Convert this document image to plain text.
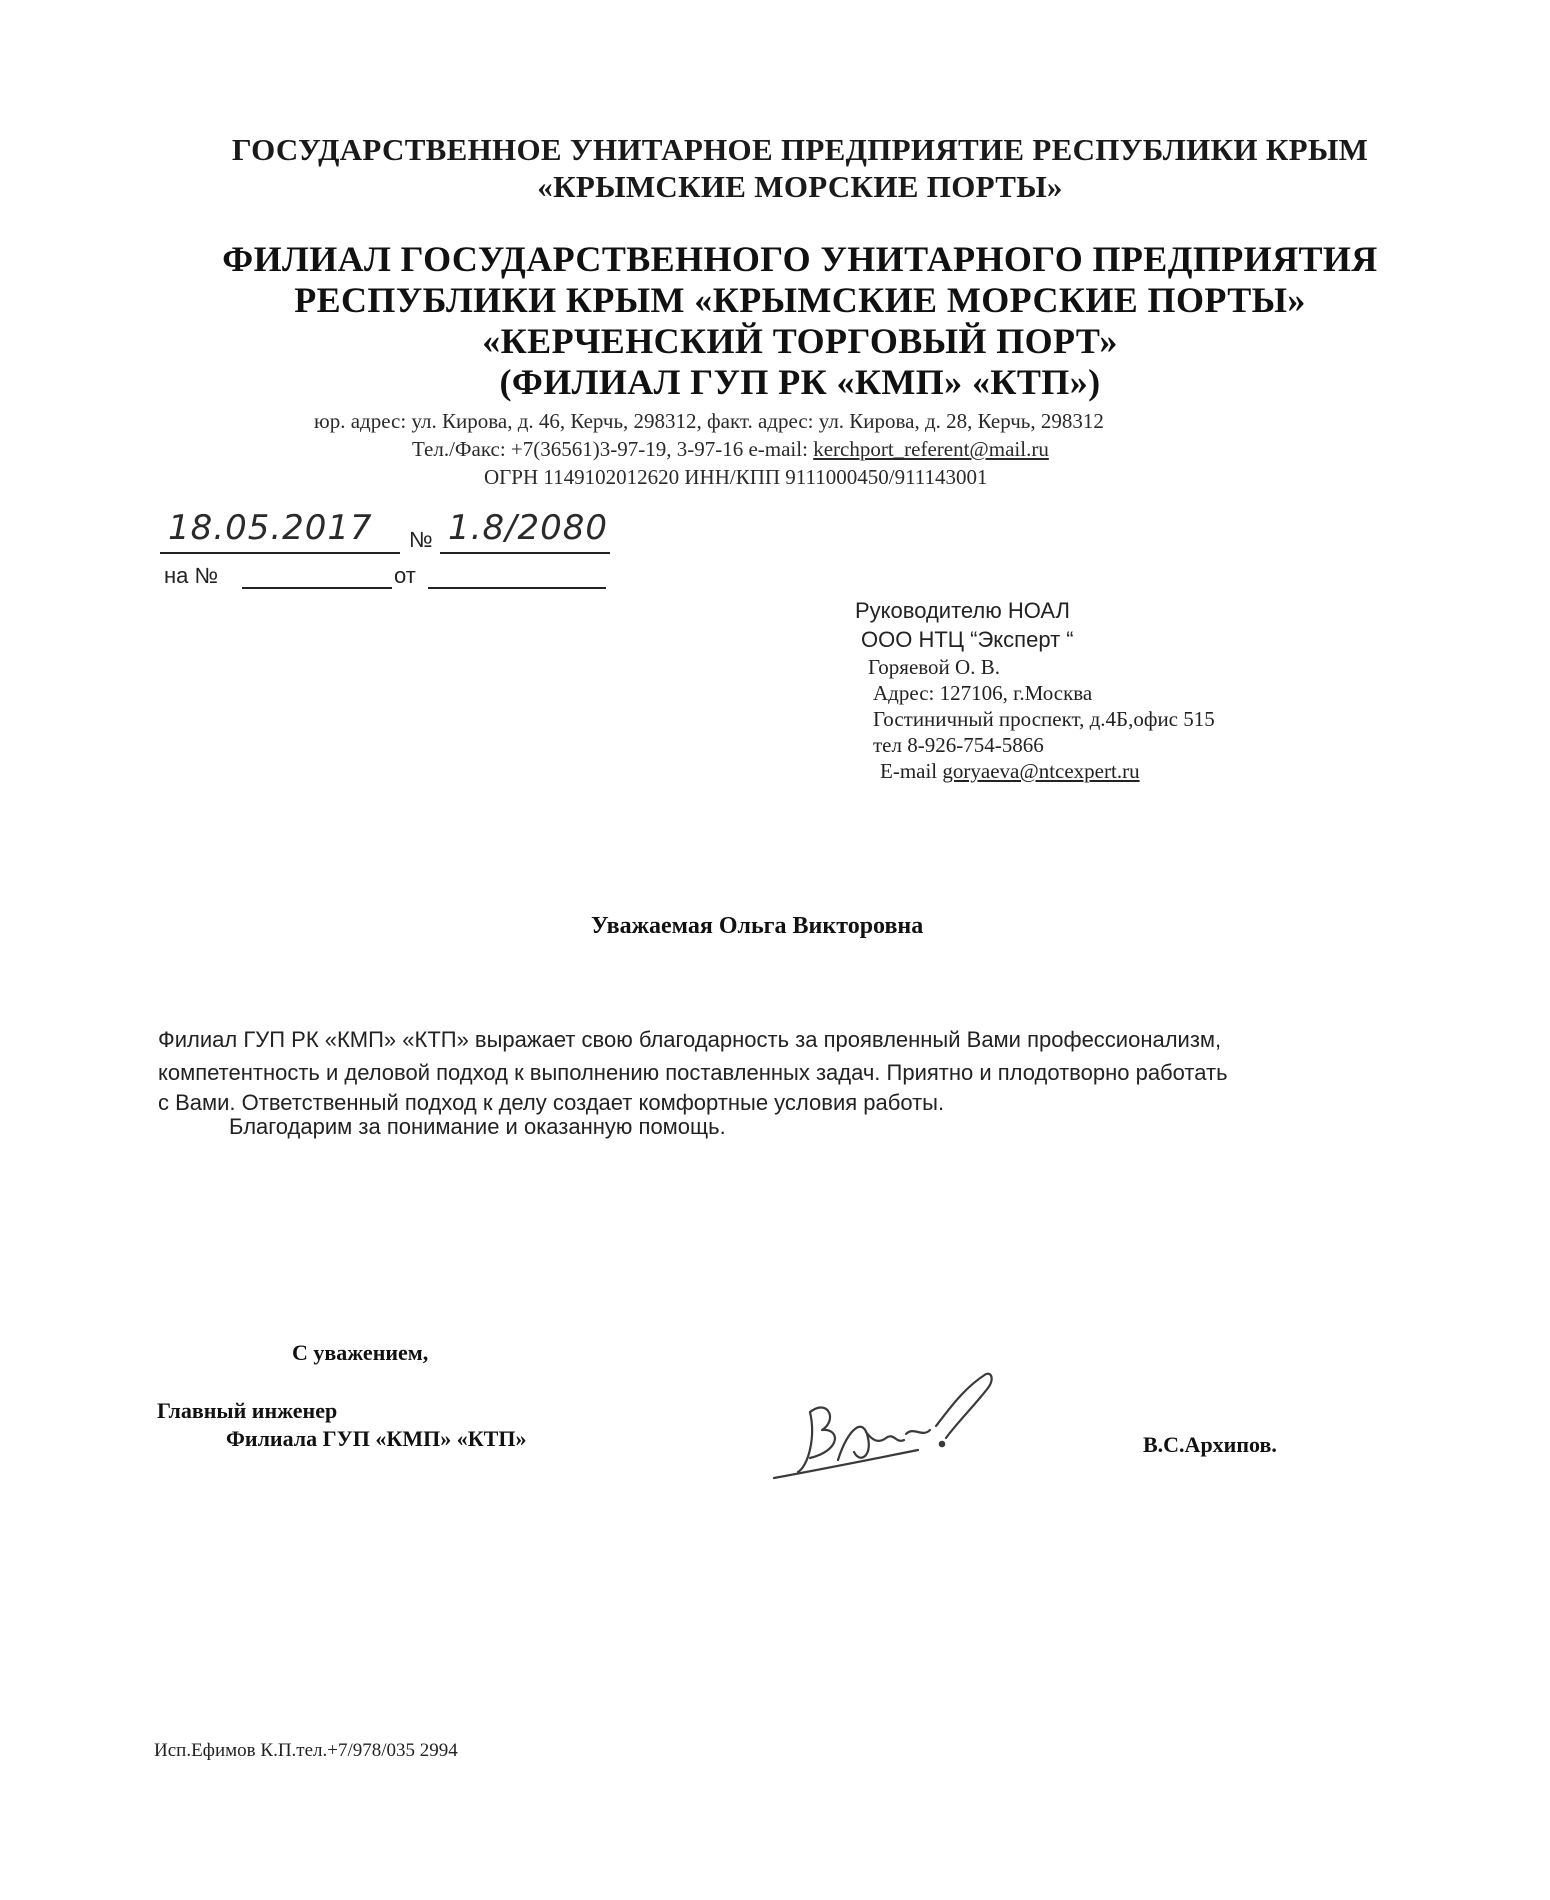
ГОСУДАРСТВЕННОЕ УНИТАРНОЕ ПРЕДПРИЯТИЕ РЕСПУБЛИКИ КРЫМ
«КРЫМСКИЕ МОРСКИЕ ПОРТЫ»
ФИЛИАЛ ГОСУДАРСТВЕННОГО УНИТАРНОГО ПРЕДПРИЯТИЯ
РЕСПУБЛИКИ КРЫМ «КРЫМСКИЕ МОРСКИЕ ПОРТЫ»
«КЕРЧЕНСКИЙ ТОРГОВЫЙ ПОРТ»
(ФИЛИАЛ ГУП РК «КМП» «КТП»)
юр. адрес: ул. Кирова, д. 46, Керчь, 298312, факт. адрес: ул. Кирова, д. 28, Керчь, 298312
Тел./Факс: +7(36561)3-97-19, 3-97-16 e-mail: kerchport_referent@mail.ru
ОГРН 1149102012620 ИНН/КПП 9111000450/911143001
18.05.2017 № 1.8/2080
на №	от
Руководителю НОАЛ
ООО НТЦ “Эксперт “
Горяевой О. В.
Адрес: 127106, г.Москва
Гостиничный проспект, д.4Б,офис 515
тел 8-926-754-5866
E-mail goryaeva@ntcexpert.ru
Уважаемая Ольга Викторовна
Филиал ГУП РК «КМП» «КТП» выражает свою благодарность за проявленный Вами профессионализм,
компетентность и деловой подход к выполнению поставленных задач. Приятно и плодотворно работать
с Вами. Ответственный подход к делу создает комфортные условия работы.
Благодарим за понимание и оказанную помощь.
С уважением,
Главный инженер
Филиала ГУП «КМП» «КТП»	В.С.Архипов.
Исп.Ефимов К.П.тел.+7/978/035 2994
